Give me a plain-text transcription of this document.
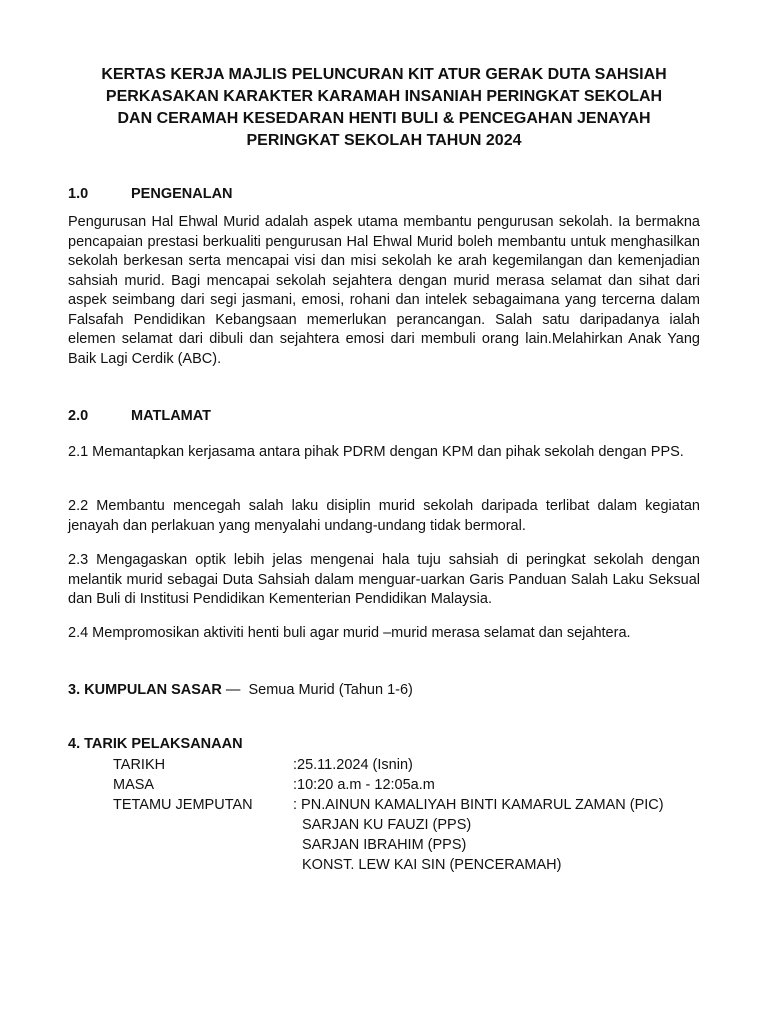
KERTAS KERJA MAJLIS PELUNCURAN KIT ATUR GERAK DUTA SAHSIAH
PERKASAKAN KARAKTER KARAMAH INSANIAH PERINGKAT SEKOLAH
DAN CERAMAH KESEDARAN HENTI BULI & PENCEGAHAN JENAYAH
PERINGKAT SEKOLAH TAHUN 2024
1.0	PENGENALAN
Pengurusan Hal Ehwal Murid adalah aspek utama membantu pengurusan sekolah. Ia bermakna pencapaian prestasi berkualiti pengurusan Hal Ehwal Murid boleh membantu untuk menghasilkan sekolah berkesan serta mencapai visi dan misi sekolah ke arah kegemilangan dan kemenjadian sahsiah murid. Bagi mencapai sekolah sejahtera dengan murid merasa selamat dan sihat dari aspek seimbang dari segi jasmani, emosi, rohani dan intelek sebagaimana yang tercerna dalam Falsafah Pendidikan Kebangsaan memerlukan perancangan. Salah satu daripadanya ialah elemen selamat dari dibuli dan sejahtera emosi dari membuli orang lain.Melahirkan Anak Yang Baik Lagi Cerdik (ABC).
2.0	MATLAMAT
2.1 Memantapkan kerjasama antara pihak PDRM dengan KPM dan pihak sekolah dengan PPS.
2.2 Membantu mencegah salah laku disiplin murid sekolah daripada terlibat dalam kegiatan jenayah dan perlakuan yang menyalahi undang-undang tidak bermoral.
2.3 Mengagaskan optik lebih jelas mengenai hala tuju sahsiah di peringkat sekolah dengan melantik murid sebagai Duta Sahsiah dalam menguar-uarkan Garis Panduan Salah Laku Seksual dan Buli di Institusi Pendidikan Kementerian Pendidikan Malaysia.
2.4 Mempromosikan aktiviti henti buli agar murid –murid merasa selamat dan sejahtera.
3. KUMPULAN SASAR —  Semua Murid (Tahun 1-6)
4. TARIK PELAKSANAAN
TARIKH	:25.11.2024 (Isnin)
MASA	:10:20 a.m - 12:05a.m
TETAMU JEMPUTAN	: PN.AINUN KAMALIYAH BINTI KAMARUL ZAMAN (PIC)
SARJAN KU FAUZI (PPS)
SARJAN IBRAHIM (PPS)
KONST. LEW KAI SIN (PENCERAMAH)
